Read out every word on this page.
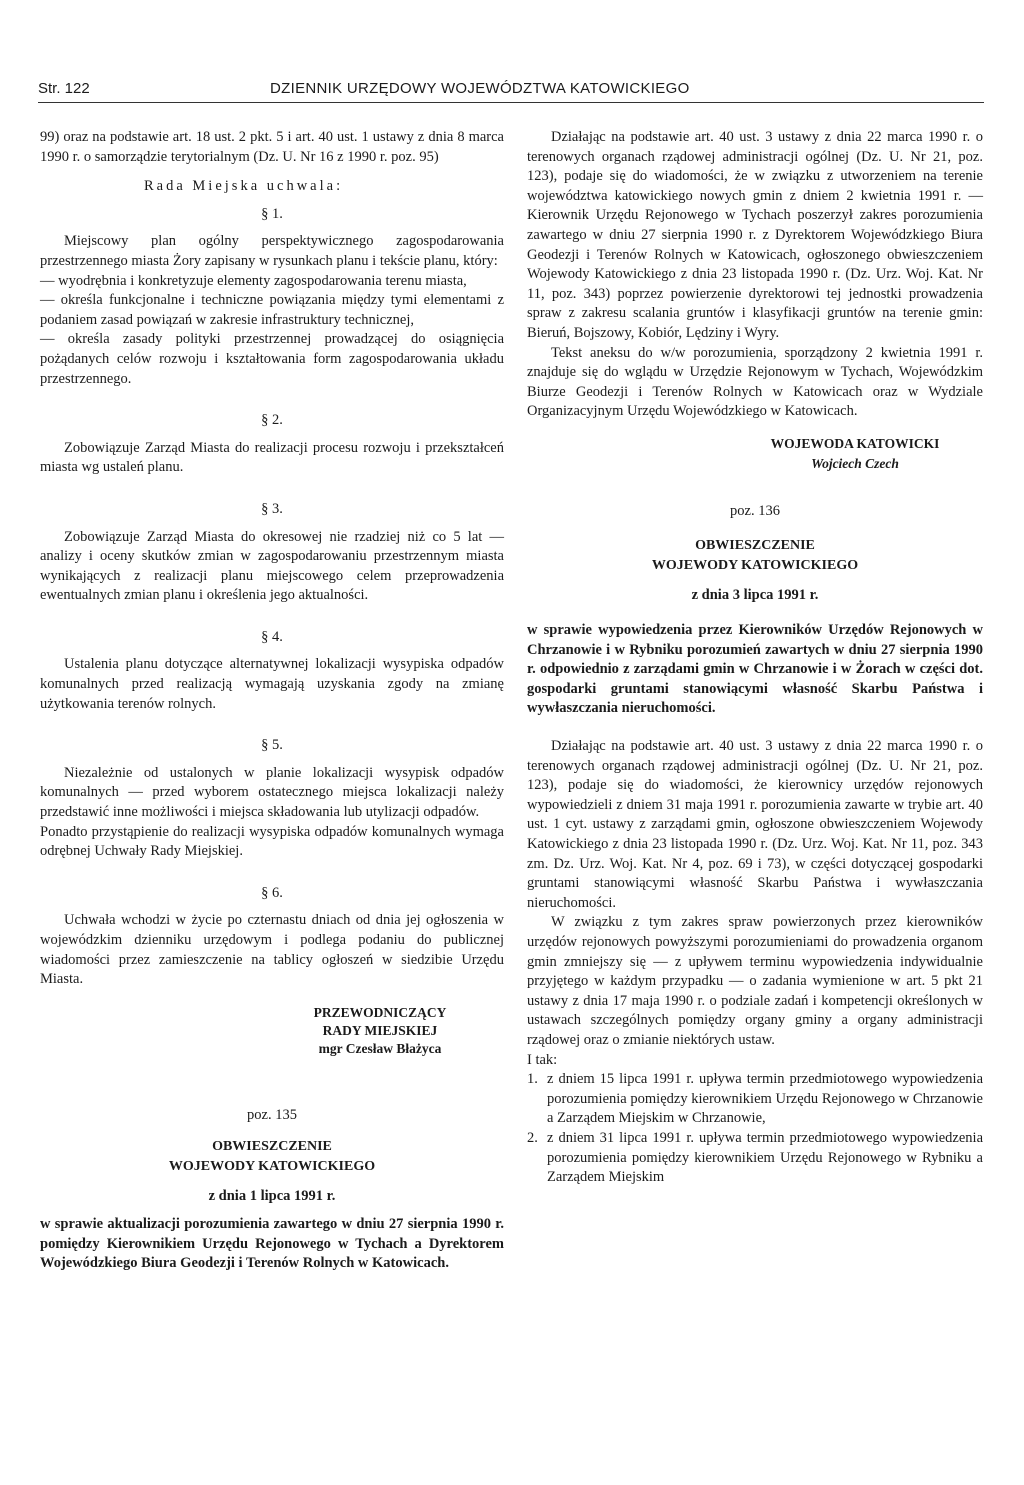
Str. 122	DZIENNIK URZĘDOWY WOJEWÓDZTWA KATOWICKIEGO

99) oraz na podstawie art. 18 ust. 2 pkt. 5 i art. 40 ust. 1 ustawy z dnia 8 marca 1990 r. o samorządzie terytorialnym (Dz. U. Nr 16 z 1990 r. poz. 95)

Rada Miejska uchwala:

§ 1.

Miejscowy plan ogólny perspektywicznego zagospodarowania przestrzennego miasta Żory zapisany w rysunkach planu i tekście planu, który:

— wyodrębnia i konkretyzuje elementy zagospodarowania terenu miasta,

— określa funkcjonalne i techniczne powiązania między tymi elementami z podaniem zasad powiązań w zakresie infrastruktury technicznej,

— określa zasady polityki przestrzennej prowadzącej do osiągnięcia pożądanych celów rozwoju i kształtowania form zagospodarowania układu przestrzennego.

§ 2.

Zobowiązuje Zarząd Miasta do realizacji procesu rozwoju i przekształceń miasta wg ustaleń planu.

§ 3.

Zobowiązuje Zarząd Miasta do okresowej nie rzadziej niż co 5 lat — analizy i oceny skutków zmian w zagospodarowaniu przestrzennym miasta wynikających z realizacji planu miejscowego celem przeprowadzenia ewentualnych zmian planu i określenia jego aktualności.

§ 4.

Ustalenia planu dotyczące alternatywnej lokalizacji wysypiska odpadów komunalnych przed realizacją wymagają uzyskania zgody na zmianę użytkowania terenów rolnych.

§ 5.

Niezależnie od ustalonych w planie lokalizacji wysypisk odpadów komunalnych — przed wyborem ostatecznego miejsca lokalizacji należy przedstawić inne możliwości i miejsca składowania lub utylizacji odpadów.

Ponadto przystąpienie do realizacji wysypiska odpadów komunalnych wymaga odrębnej Uchwały Rady Miejskiej.

§ 6.

Uchwała wchodzi w życie po czternastu dniach od dnia jej ogłoszenia w wojewódzkim dzienniku urzędowym i podlega podaniu do publicznej wiadomości przez zamieszczenie na tablicy ogłoszeń w siedzibie Urzędu Miasta.

PRZEWODNICZĄCY

RADY MIEJSKIEJ

mgr Czesław Błażyca

poz. 135

OBWIESZCZENIE

WOJEWODY KATOWICKIEGO

z dnia 1 lipca 1991 r.

w sprawie aktualizacji porozumienia zawartego w dniu 27 sierpnia 1990 r. pomiędzy Kierownikiem Urzędu Rejonowego w Tychach a Dyrektorem Wojewódzkiego Biura Geodezji i Terenów Rolnych w Katowicach.

Działając na podstawie art. 40 ust. 3 ustawy z dnia 22 marca 1990 r. o terenowych organach rządowej administracji ogólnej (Dz. U. Nr 21, poz. 123), podaje się do wiadomości, że w związku z utworzeniem na terenie województwa katowickiego nowych gmin z dniem 2 kwietnia 1991 r. — Kierownik Urzędu Rejonowego w Tychach poszerzył zakres porozumienia zawartego w dniu 27 sierpnia 1990 r. z Dyrektorem Wojewódzkiego Biura Geodezji i Terenów Rolnych w Katowicach, ogłoszonego obwieszczeniem Wojewody Katowickiego z dnia 23 listopada 1990 r. (Dz. Urz. Woj. Kat. Nr 11, poz. 343) poprzez powierzenie dyrektorowi tej jednostki prowadzenia spraw z zakresu scalania gruntów i klasyfikacji gruntów na terenie gmin: Bieruń, Bojszowy, Kobiór, Lędziny i Wyry.

Tekst aneksu do w/w porozumienia, sporządzony 2 kwietnia 1991 r. znajduje się do wglądu w Urzędzie Rejonowym w Tychach, Wojewódzkim Biurze Geodezji i Terenów Rolnych w Katowicach oraz w Wydziale Organizacyjnym Urzędu Wojewódzkiego w Katowicach.

WOJEWODA KATOWICKI

Wojciech Czech

poz. 136

OBWIESZCZENIE

WOJEWODY KATOWICKIEGO

z dnia 3 lipca 1991 r.

w sprawie wypowiedzenia przez Kierowników Urzędów Rejonowych w Chrzanowie i w Rybniku porozumień zawartych w dniu 27 sierpnia 1990 r. odpowiednio z zarządami gmin w Chrzanowie i w Żorach w części dot. gospodarki gruntami stanowiącymi własność Skarbu Państwa i wywłaszczania nieruchomości.

Działając na podstawie art. 40 ust. 3 ustawy z dnia 22 marca 1990 r. o terenowych organach rządowej administracji ogólnej (Dz. U. Nr 21, poz. 123), podaje się do wiadomości, że kierownicy urzędów rejonowych wypowiedzieli z dniem 31 maja 1991 r. porozumienia zawarte w trybie art. 40 ust. 1 cyt. ustawy z zarządami gmin, ogłoszone obwieszczeniem Wojewody Katowickiego z dnia 23 listopada 1990 r. (Dz. Urz. Woj. Kat. Nr 11, poz. 343 zm. Dz. Urz. Woj. Kat. Nr 4, poz. 69 i 73), w części dotyczącej gospodarki gruntami stanowiącymi własność Skarbu Państwa i wywłaszczania nieruchomości.

W związku z tym zakres spraw powierzonych przez kierowników urzędów rejonowych powyższymi porozumieniami do prowadzenia organom gmin zmniejszy się — z upływem terminu wypowiedzenia indywidualnie przyjętego w każdym przypadku — o zadania wymienione w art. 5 pkt 21 ustawy z dnia 17 maja 1990 r. o podziale zadań i kompetencji określonych w ustawach szczególnych pomiędzy organy gminy a organy administracji rządowej oraz o zmianie niektórych ustaw.

I tak:

1. z dniem 15 lipca 1991 r. upływa termin przedmiotowego wypowiedzenia porozumienia pomiędzy kierownikiem Urzędu Rejonowego w Chrzanowie a Zarządem Miejskim w Chrzanowie,
2. z dniem 31 lipca 1991 r. upływa termin przedmiotowego wypowiedzenia porozumienia pomiędzy kierownikiem Urzędu Rejonowego w Rybniku a Zarządem Miejskim
